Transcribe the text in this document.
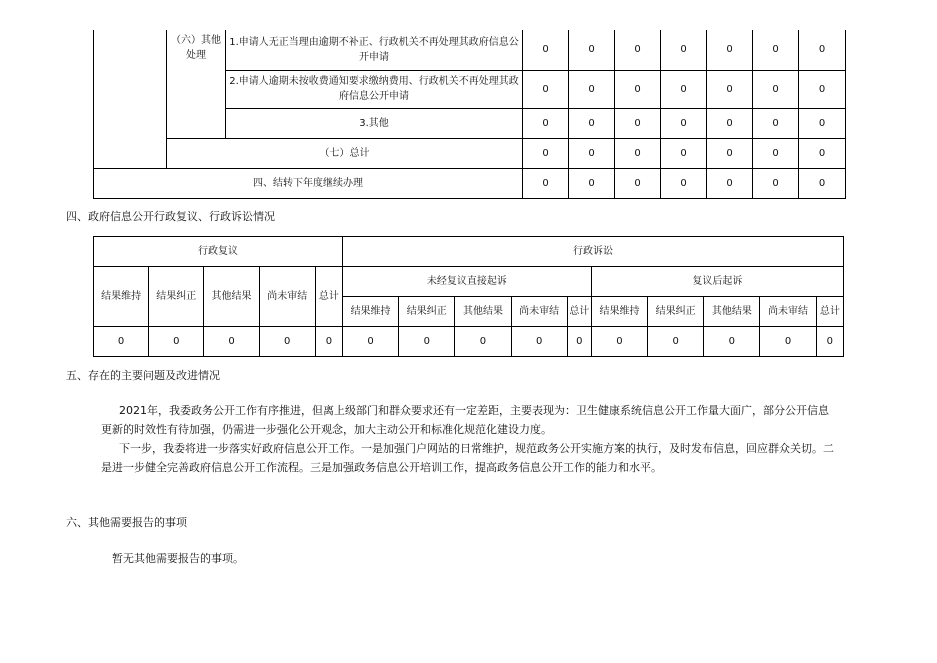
	（六）其他处理	1.申请人无正当理由逾期不补正、行政机关不再处理其政府信息公开申请	0	0	0	0	0	0	0
		2.申请人逾期未按收费通知要求缴纳费用、行政机关不再处理其政府信息公开申请	0	0	0	0	0	0	0
		3.其他	0	0	0	0	0	0	0
	（七）总计		0	0	0	0	0	0	0
四、结转下年度继续办理			0	0	0	0	0	0	0
四、政府信息公开行政复议、行政诉讼情况
行政复议					行政诉讼									
结果维持	结果纠正	其他结果	尚未审结	总计	未经复议直接起诉					复议后起诉				
					结果维持	结果纠正	其他结果	尚未审结	总计	结果维持	结果纠正	其他结果	尚未审结	总计
0	0	0	0	0	0	0	0	0	0	0	0	0	0	0
五、存在的主要问题及改进情况
2021年，我委政务公开工作有序推进，但离上级部门和群众要求还有一定差距，主要表现为：卫生健康系统信息公开工作量大面广，部分公开信息更新的时效性有待加强，仍需进一步强化公开观念，加大主动公开和标准化规范化建设力度。
下一步，我委将进一步落实好政府信息公开工作。一是加强门户网站的日常维护，规范政务公开实施方案的执行，及时发布信息，回应群众关切。二是进一步健全完善政府信息公开工作流程。三是加强政务信息公开培训工作，提高政务信息公开工作的能力和水平。
六、其他需要报告的事项
暂无其他需要报告的事项。
